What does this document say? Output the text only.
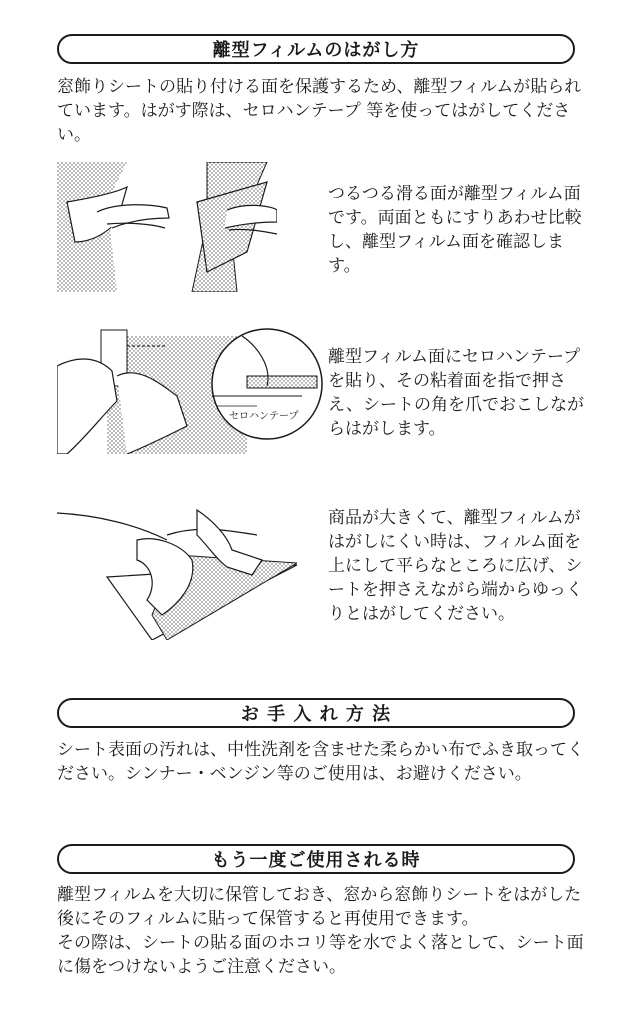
離型フィルムのはがし方
窓飾りシートの貼り付ける面を保護するため、離型フィルムが貼られています。はがす際は、セロハンテープ 等を使ってはがしてください。
つるつる滑る面が離型フィルム面です。両面ともにすりあわせ比較し、離型フィルム面を確認します。
セロハンテープ
離型フィルム面にセロハンテープを貼り、その粘着面を指で押さえ、シートの角を爪でおこしながらはがします。
商品が大きくて、離型フィルムがはがしにくい時は、フィルム面を上にして平らなところに広げ、シートを押さえながら端からゆっくりとはがしてください。
お 手 入 れ 方 法
シート表面の汚れは、中性洗剤を含ませた柔らかい布でふき取ってください。シンナー・ベンジン等のご使用は、お避けください。
もう一度ご使用される時
離型フィルムを大切に保管しておき、窓から窓飾りシートをはがした後にそのフィルムに貼って保管すると再使用できます。
その際は、シートの貼る面のホコリ等を水でよく落として、シート面に傷をつけないようご注意ください。
